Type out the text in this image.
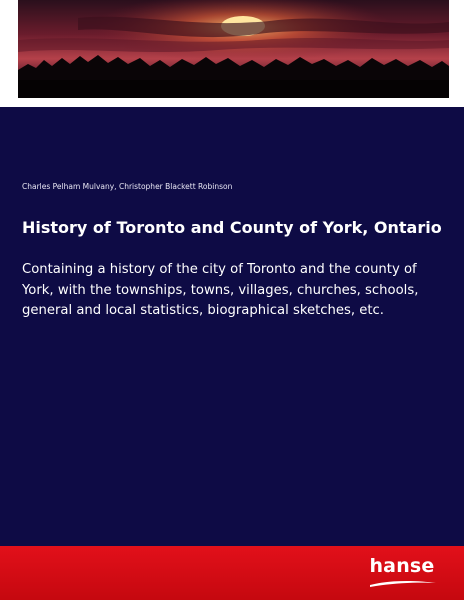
Charles Pelham Mulvany, Christopher Blackett Robinson
History of Toronto and County of York, Ontario
Containing a history of the city of Toronto and the county of York, with the townships, towns, villages, churches, schools, general and local statistics, biographical sketches, etc.
hanse
